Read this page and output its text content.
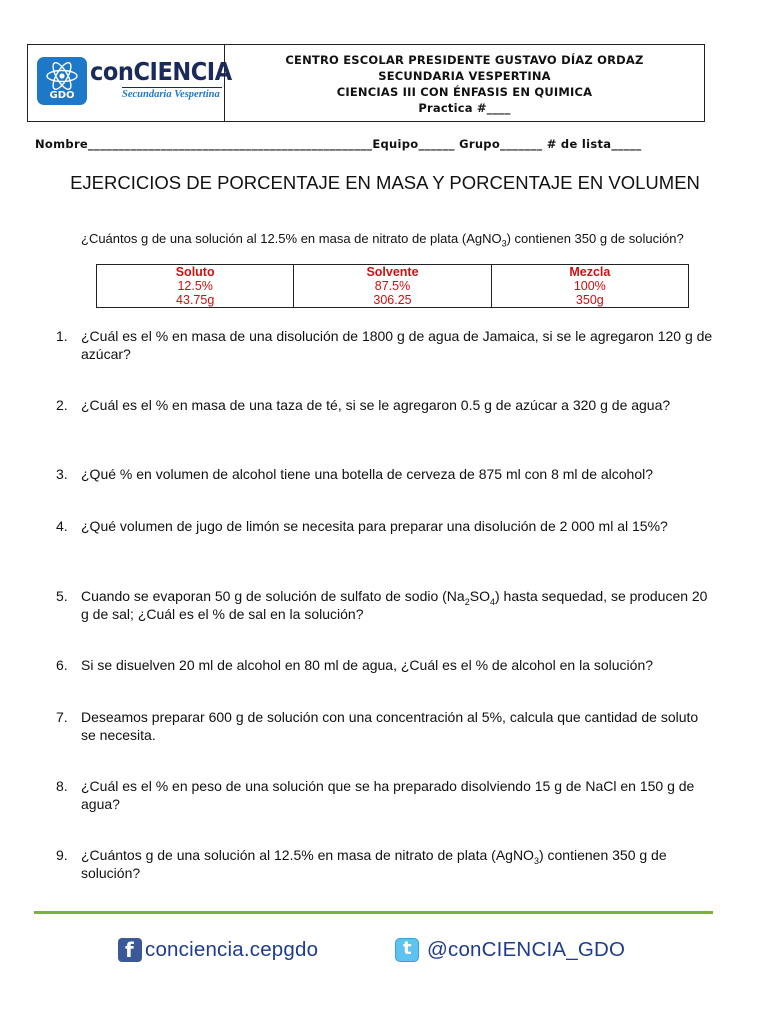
GDO
conCIENCIA
Secundaria Vespertina
CENTRO ESCOLAR PRESIDENTE GUSTAVO DÍAZ ORDAZ
SECUNDARIA VESPERTINA
CIENCIAS III CON ÉNFASIS EN QUIMICA
Practica #____
Nombre_______________________________________________Equipo______ Grupo_______ # de lista_____
EJERCICIOS DE PORCENTAJE EN MASA Y PORCENTAJE EN VOLUMEN
¿Cuántos g de una solución al 12.5% en masa de nitrato de plata (AgNO$_3$) contienen 350 g de solución?
Soluto
12.5%
43.75g

Solvente
87.5%
306.25

Mezcla
100%
350g
1. ¿Cuál es el % en masa de una disolución de 1800 g de agua de Jamaica, si se le agregaron 120 g de azúcar?
2. ¿Cuál es el % en masa de una taza de té, si se le agregaron 0.5 g de azúcar a 320 g de agua?
3. ¿Qué % en volumen de alcohol tiene una botella de cerveza de 875 ml con 8 ml de alcohol?
4. ¿Qué volumen de jugo de limón se necesita para preparar una disolución de 2 000 ml al 15%?
5. Cuando se evaporan 50 g de solución de sulfato de sodio $(Na_2SO_4)$ hasta sequedad, se producen 20 g de sal; ¿Cuál es el % de sal en la solución?
6. Si se disuelven 20 ml de alcohol en 80 ml de agua, ¿Cuál es el % de alcohol en la solución?
7. Deseamos preparar 600 g de solución con una concentración al 5%, calcula que cantidad de soluto se necesita.
8. ¿Cuál es el % en peso de una solución que se ha preparado disolviendo 15 g de NaCl en 150 g de agua?
9. ¿Cuántos g de una solución al 12.5% en masa de nitrato de plata (AgNO$_3$) contienen 350 g de solución?
f
conciencia.cepgdo
t	@conCIENCIA_GDO
